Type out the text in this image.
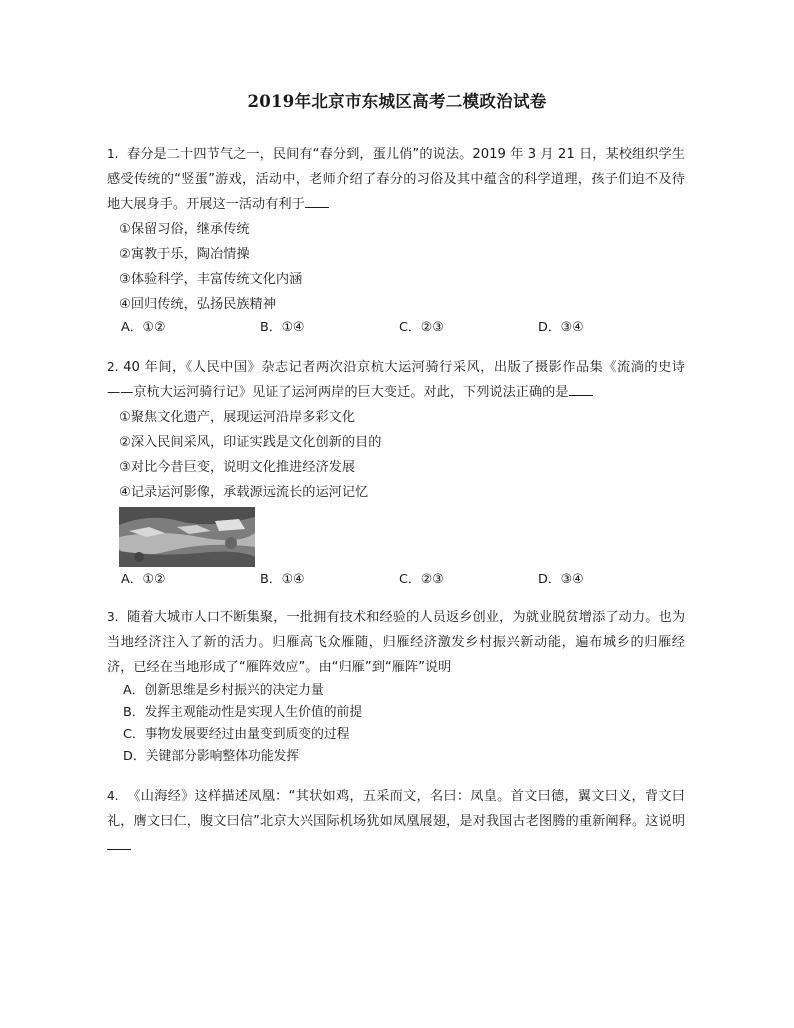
2019年北京市东城区高考二模政治试卷
1. 春分是二十四节气之一，民间有“春分到，蛋儿俏”的说法。2019 年 3 月 21 日，某校组织学生感受传统的“竖蛋”游戏，活动中，老师介绍了春分的习俗及其中蕴含的科学道理，孩子们迫不及待地大展身手。开展这一活动有利于
①保留习俗，继承传统
②寓教于乐，陶冶情操
③体验科学，丰富传统文化内涵
④回归传统，弘扬民族精神
A．①②	B．①④	C．②③	D．③④
2. 40 年间，《人民中国》杂志记者两次沿京杭大运河骑行采风，出版了摄影作品集《流淌的史诗——京杭大运河骑行记》见证了运河两岸的巨大变迁。对此，下列说法正确的是
①聚焦文化遗产，展现运河沿岸多彩文化
②深入民间采风，印证实践是文化创新的目的
③对比今昔巨变，说明文化推进经济发展
④记录运河影像，承载源远流长的运河记忆
A．①②	B．①④	C．②③	D．③④
3. 随着大城市人口不断集聚，一批拥有技术和经验的人员返乡创业，为就业脱贫增添了动力。也为当地经济注入了新的活力。归雁高飞众雁随，归雁经济激发乡村振兴新动能，遍布城乡的归雁经济，已经在当地形成了“雁阵效应”。由“归雁”到“雁阵”说明
A．创新思维是乡村振兴的决定力量
B．发挥主观能动性是实现人生价值的前提
C．事物发展要经过由量变到质变的过程
D．关键部分影响整体功能发挥
4. 《山海经》这样描述凤凰：“其状如鸡，五采而文，名曰：凤皇。首文曰德，翼文曰义，背文曰礼，膺文曰仁，腹文曰信”北京大兴国际机场犹如凤凰展翅，是对我国古老图腾的重新阐释。这说明
